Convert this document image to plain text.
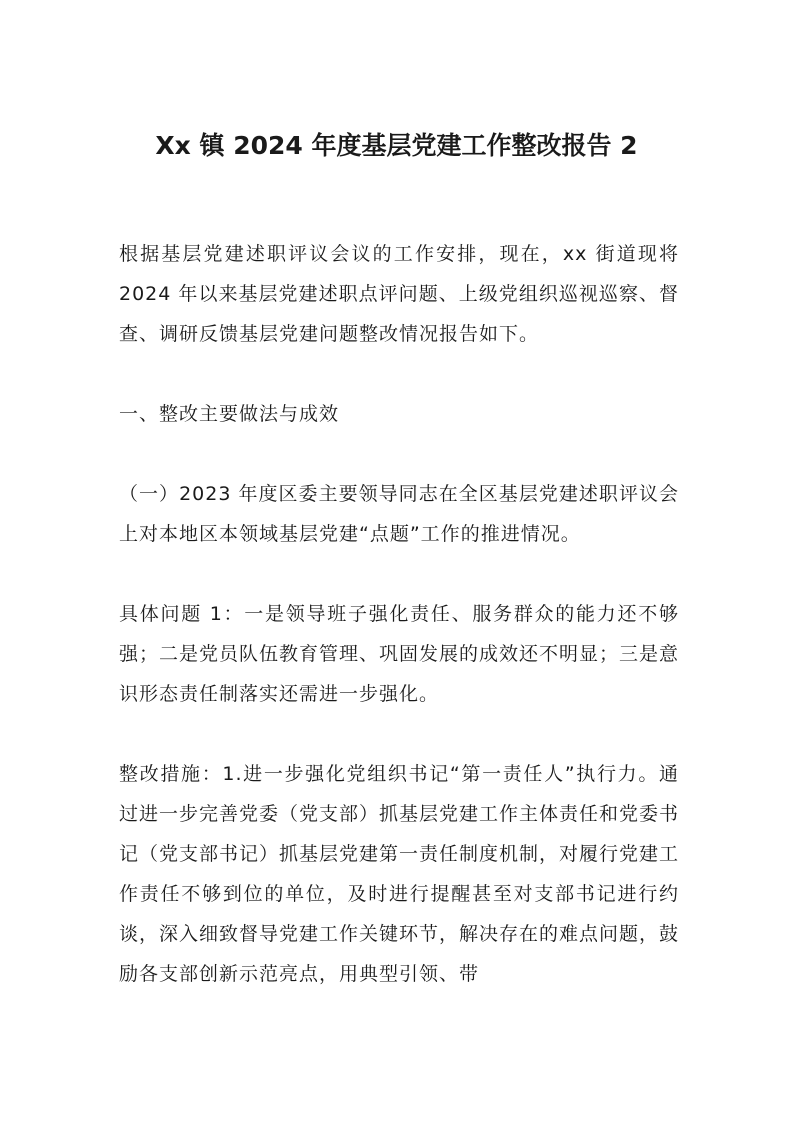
Xx 镇 2024 年度基层党建工作整改报告 2

根据基层党建述职评议会议的工作安排，现在，xx 街道现将 2024 年以来基层党建述职点评问题、上级党组织巡视巡察、督查、调研反馈基层党建问题整改情况报告如下。

一、整改主要做法与成效

（一）2023 年度区委主要领导同志在全区基层党建述职评议会上对本地区本领域基层党建“点题”工作的推进情况。

具体问题 1：一是领导班子强化责任、服务群众的能力还不够强；二是党员队伍教育管理、巩固发展的成效还不明显；三是意识形态责任制落实还需进一步强化。

整改措施：1.进一步强化党组织书记“第一责任人”执行力。通过进一步完善党委（党支部）抓基层党建工作主体责任和党委书记（党支部书记）抓基层党建第一责任制度机制，对履行党建工作责任不够到位的单位，及时进行提醒甚至对支部书记进行约谈，深入细致督导党建工作关键环节，解决存在的难点问题，鼓励各支部创新示范亮点，用典型引领、带
